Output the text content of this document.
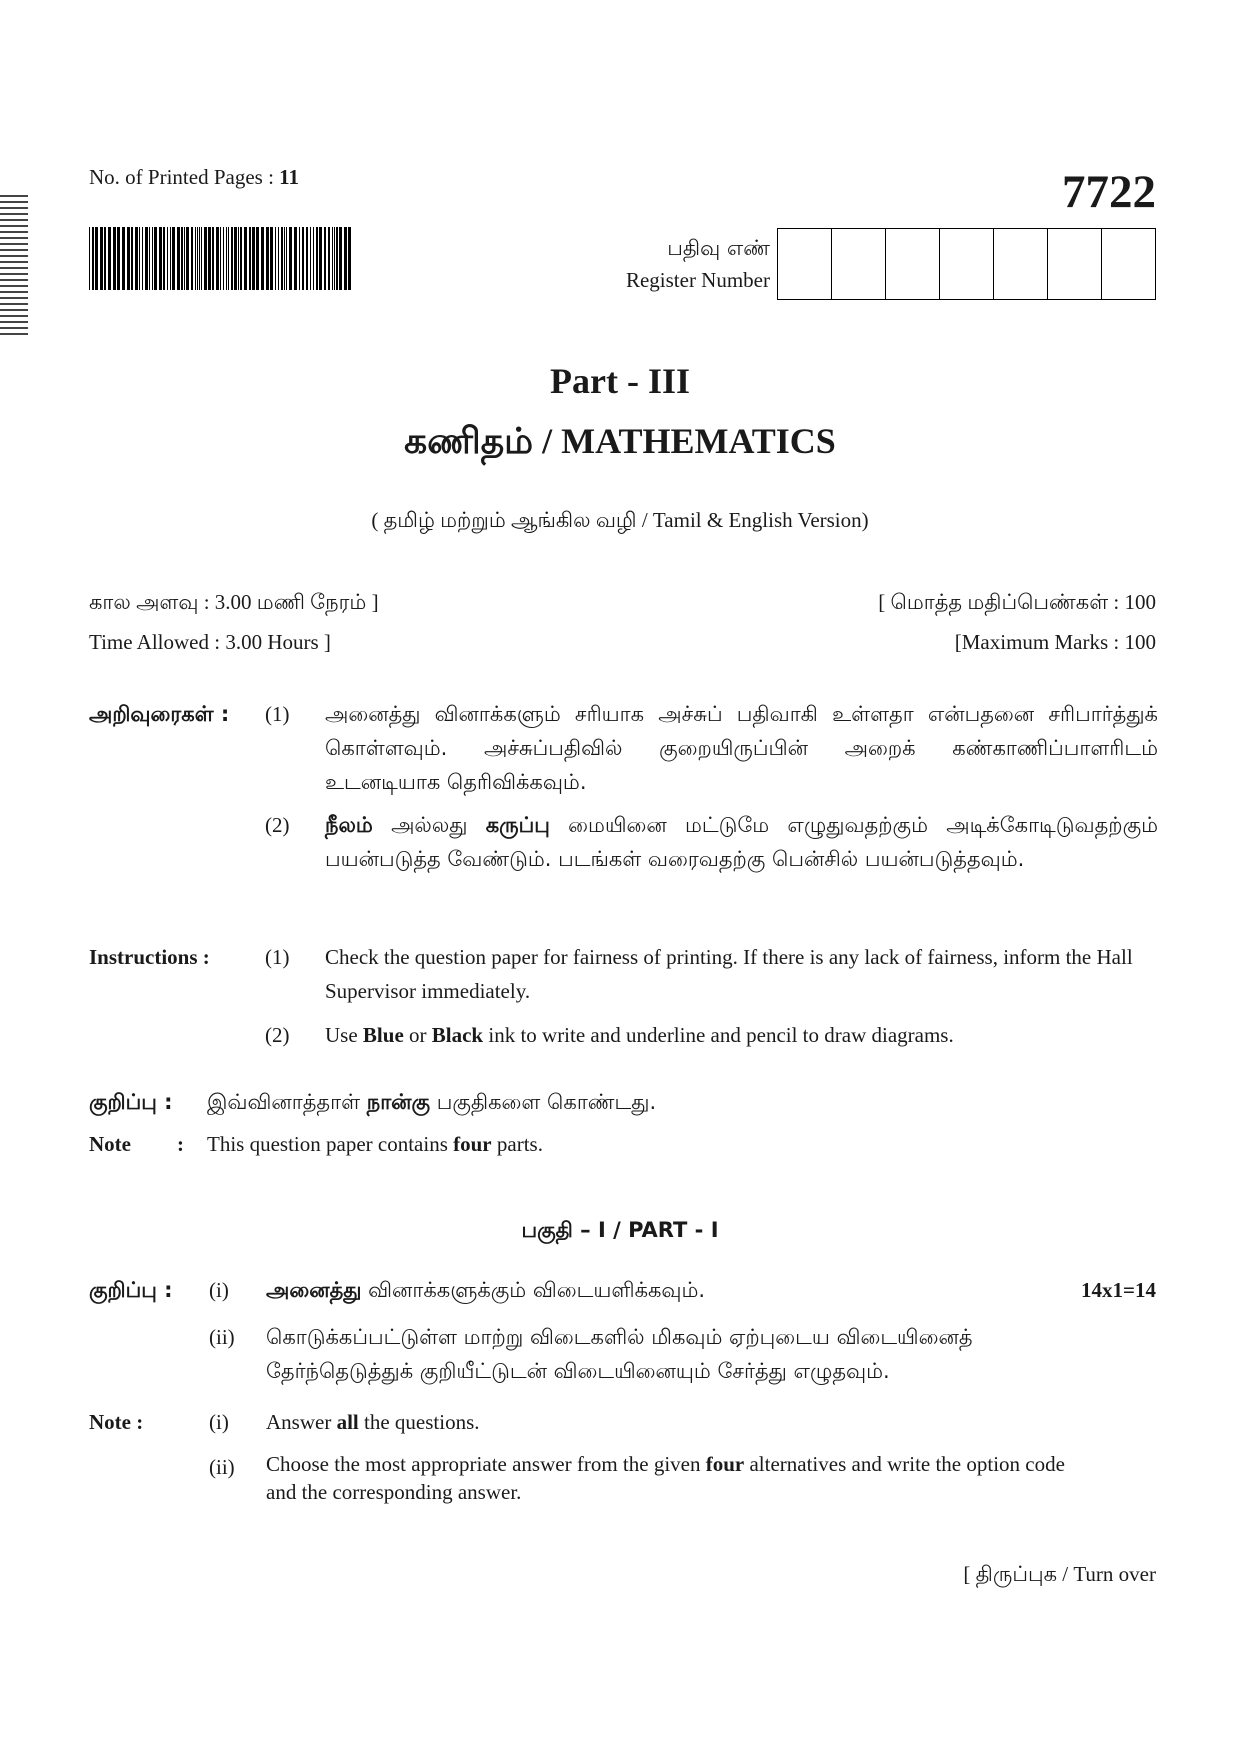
No. of Printed Pages : 11	7722
பதிவு எண்
Register Number
Part - III
கணிதம் / MATHEMATICS
( தமிழ் மற்றும் ஆங்கில வழி / Tamil & English Version)
கால அளவு : 3.00 மணி நேரம் ]
Time Allowed : 3.00 Hours ]
[ மொத்த மதிப்பெண்கள் : 100
[Maximum Marks : 100
அறிவுரைகள் : (1) அனைத்து வினாக்களும் சரியாக அச்சுப் பதிவாகி உள்ளதா என்பதனை சரிபார்த்துக் கொள்ளவும். அச்சுப்பதிவில் குறையிருப்பின் அறைக் கண்காணிப்பாளரிடம் உடனடியாக தெரிவிக்கவும்.
(2) நீலம் அல்லது கருப்பு மையினை மட்டுமே எழுதுவதற்கும் அடிக்கோடிடுவதற்கும் பயன்படுத்த வேண்டும். படங்கள் வரைவதற்கு பென்சில் பயன்படுத்தவும்.
Instructions :	(1) Check the question paper for fairness of printing. If there is any lack of fairness, inform the Hall Supervisor immediately.
(2) Use Blue or Black ink to write and underline and pencil to draw diagrams.
குறிப்பு : இவ்வினாத்தாள் நான்கு பகுதிகளை கொண்டது.
Note : This question paper contains four parts.
பகுதி – I / PART - I
குறிப்பு : (i) அனைத்து வினாக்களுக்கும் விடையளிக்கவும்.	14x1=14
(ii) கொடுக்கப்பட்டுள்ள மாற்று விடைகளில் மிகவும் ஏற்புடைய விடையினைத் தேர்ந்தெடுத்துக் குறியீட்டுடன் விடையினையும் சேர்த்து எழுதவும்.
Note :	(i) Answer all the questions.
(ii) Choose the most appropriate answer from the given four alternatives and write the option code and the corresponding answer.
[ திருப்புக / Turn over
